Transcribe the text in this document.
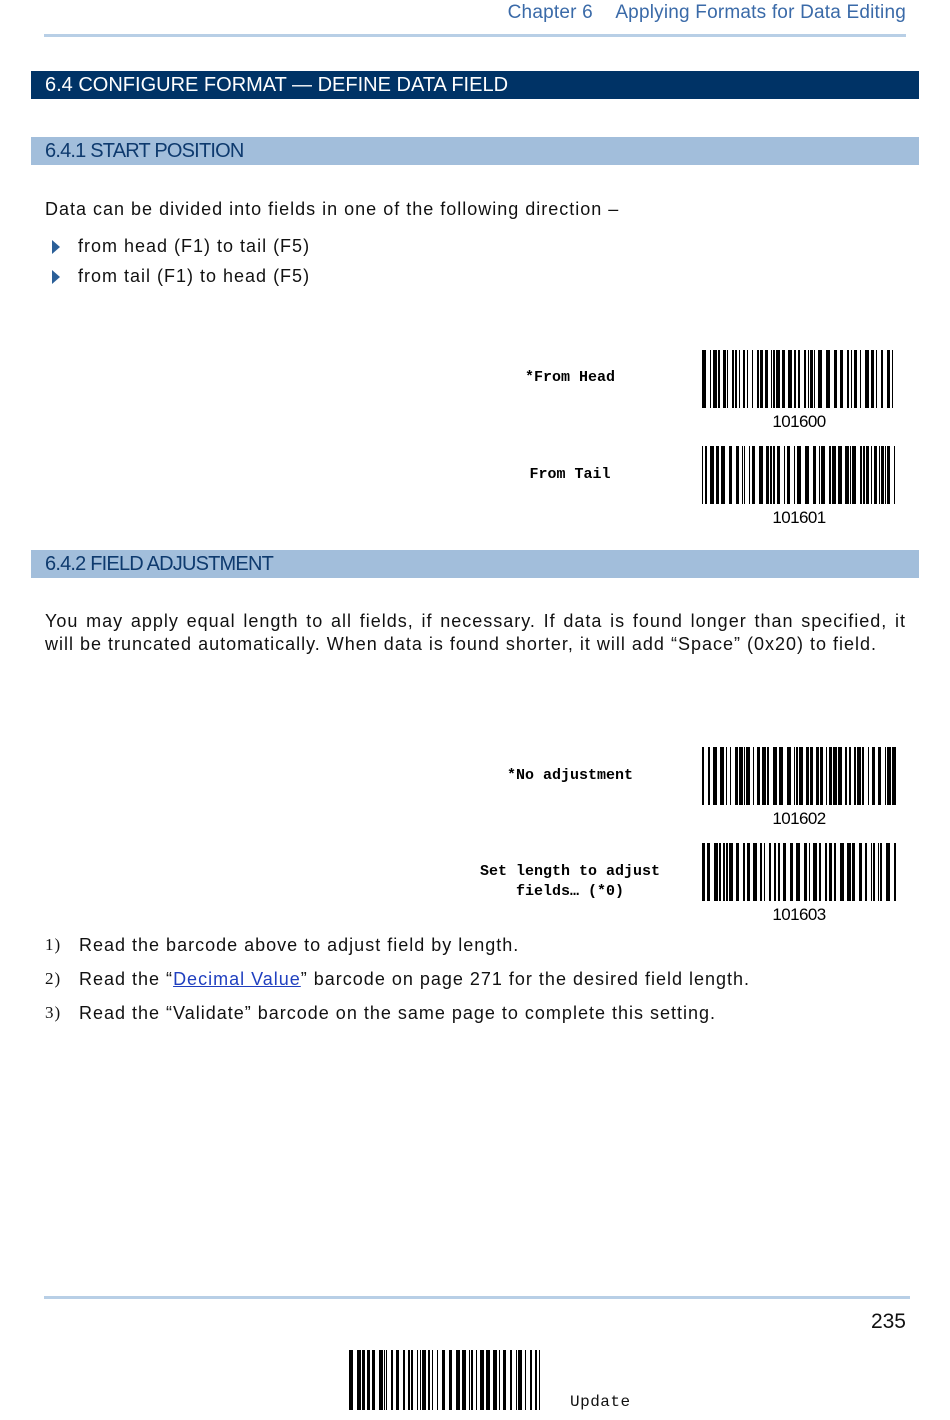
Chapter 6 Applying Formats for Data Editing
6.4 CONFIGURE FORMAT — DEFINE DATA FIELD
6.4.1 START POSITION
Data can be divided into fields in one of the following direction –
from head (F1) to tail (F5)
from tail (F1) to head (F5)
*From Head
101600
From Tail
101601
6.4.2 FIELD ADJUSTMENT
You may apply equal length to all fields, if necessary. If data is found longer than specified, it will be truncated automatically. When data is found shorter, it will add “Space” (0x20) to field.
*No adjustment
101602
Set length to adjust
fields… (*0)
101603
1) Read the barcode above to adjust field by length.
2) Read the “Decimal Value” barcode on page 271 for the desired field length.
3) Read the “Validate” barcode on the same page to complete this setting.
235
Update
